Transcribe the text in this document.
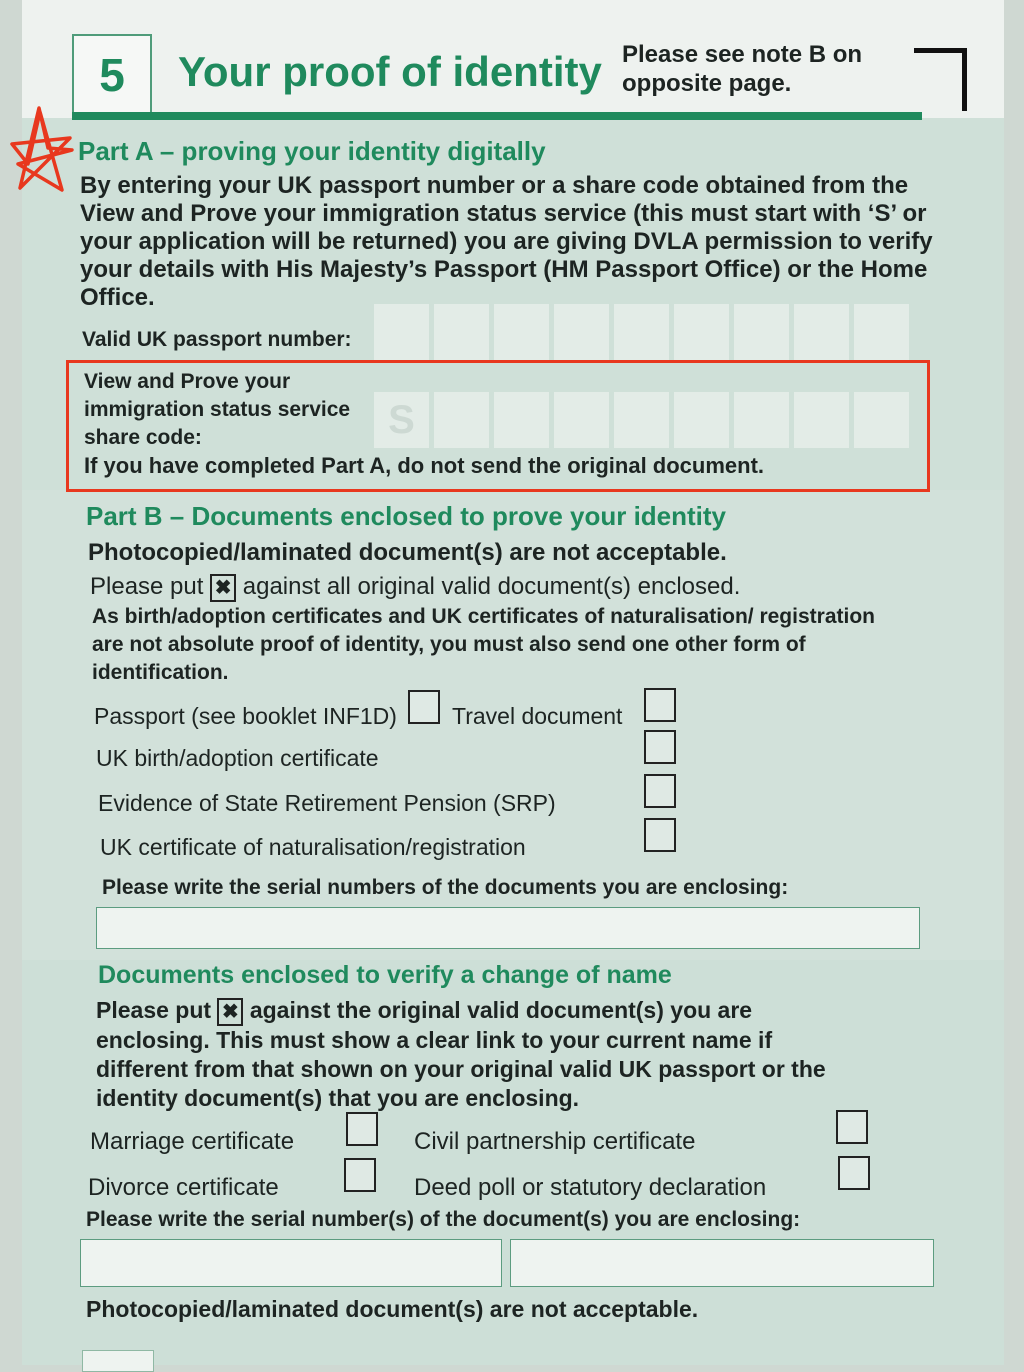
5	Your proof of identity Please see note B on opposite page.
Part A – proving your identity digitally
By entering your UK passport number or a share code obtained from the View and Prove your immigration status service (this must start with ‘S’ or your application will be returned) you are giving DVLA permission to verify your details with His Majesty’s Passport (HM Passport Office) or the Home Office.
Valid UK passport number:
View and Prove your immigration status service share code:	S
If you have completed Part A, do not send the original document.
Part B – Documents enclosed to prove your identity
Photocopied/laminated document(s) are not acceptable.
Please put ✖ against all original valid document(s) enclosed.
As birth/adoption certificates and UK certificates of naturalisation/ registration are not absolute proof of identity, you must also send one other form of identification.
Passport (see booklet INF1D) Travel document
UK birth/adoption certificate
Evidence of State Retirement Pension (SRP)
UK certificate of naturalisation/registration
Please write the serial numbers of the documents you are enclosing:
Documents enclosed to verify a change of name
Please put ✖ against the original valid document(s) you are enclosing. This must show a clear link to your current name if different from that shown on your original valid UK passport or the identity document(s) that you are enclosing.
Marriage certificate	Civil partnership certificate
Divorce certificate	Deed poll or statutory declaration
Please write the serial number(s) of the document(s) you are enclosing:
Photocopied/laminated document(s) are not acceptable.
